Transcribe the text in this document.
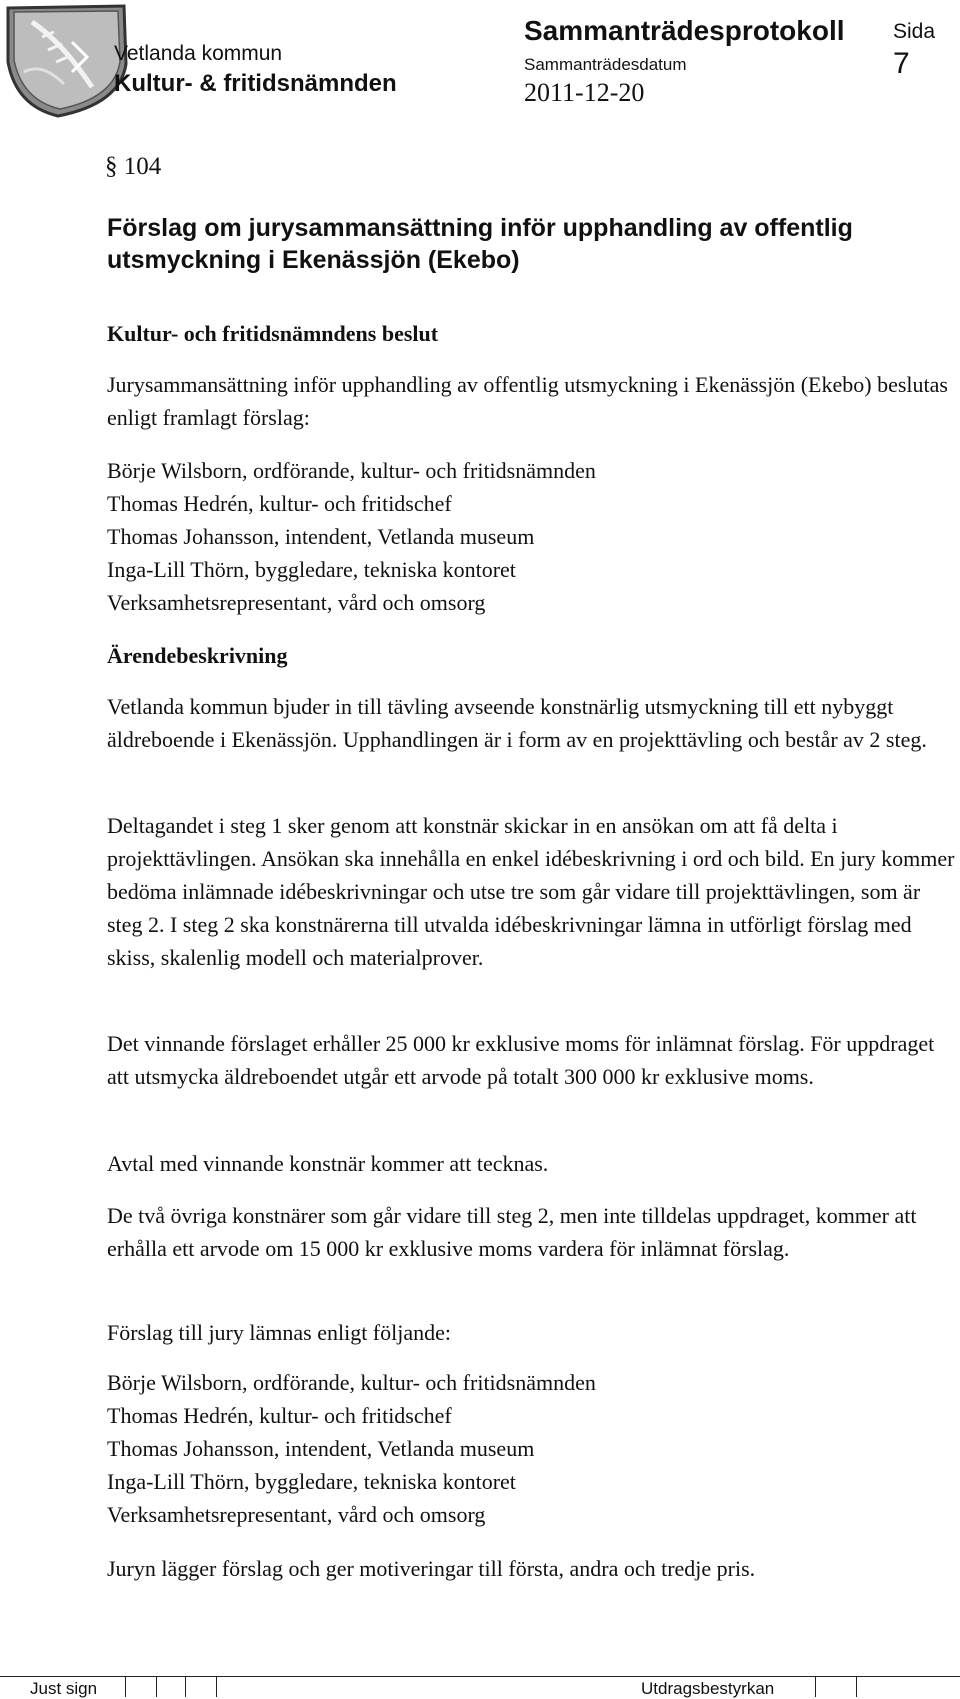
Vetlanda kommun
Kultur- & fritidsnämnden
Sammanträdesprotokoll
Sammanträdesdatum
2011-12-20
Sida
7
§ 104
Förslag om jurysammansättning inför upphandling av offentlig utsmyckning i Ekenässjön (Ekebo)
Kultur- och fritidsnämndens beslut
Jurysammansättning inför upphandling av offentlig utsmyckning i Ekenässjön (Ekebo) beslutas enligt framlagt förslag:
Börje Wilsborn, ordförande, kultur- och fritidsnämnden
Thomas Hedrén, kultur- och fritidschef
Thomas Johansson, intendent, Vetlanda museum
Inga-Lill Thörn, byggledare, tekniska kontoret
Verksamhetsrepresentant, vård och omsorg
Ärendebeskrivning
Vetlanda kommun bjuder in till tävling avseende konstnärlig utsmyckning till ett nybyggt äldreboende i Ekenässjön. Upphandlingen är i form av en projekttävling och består av 2 steg.
Deltagandet i steg 1 sker genom att konstnär skickar in en ansökan om att få delta i projekttävlingen. Ansökan ska innehålla en enkel idébeskrivning i ord och bild. En jury kommer bedöma inlämnade idébeskrivningar och utse tre som går vidare till projekttävlingen, som är steg 2. I steg 2 ska konstnärerna till utvalda idébeskrivningar lämna in utförligt förslag med skiss, skalenlig modell och materialprover.
Det vinnande förslaget erhåller 25 000 kr exklusive moms för inlämnat förslag. För uppdraget att utsmycka äldreboendet utgår ett arvode på totalt 300 000 kr exklusive moms.
Avtal med vinnande konstnär kommer att tecknas.
De två övriga konstnärer som går vidare till steg 2, men inte tilldelas uppdraget, kommer att erhålla ett arvode om 15 000 kr exklusive moms vardera för inlämnat förslag.
Förslag till jury lämnas enligt följande:
Börje Wilsborn, ordförande, kultur- och fritidsnämnden
Thomas Hedrén, kultur- och fritidschef
Thomas Johansson, intendent, Vetlanda museum
Inga-Lill Thörn, byggledare, tekniska kontoret
Verksamhetsrepresentant, vård och omsorg
Juryn lägger förslag och ger motiveringar till första, andra och tredje pris.
Just sign	Utdragsbestyrkan
